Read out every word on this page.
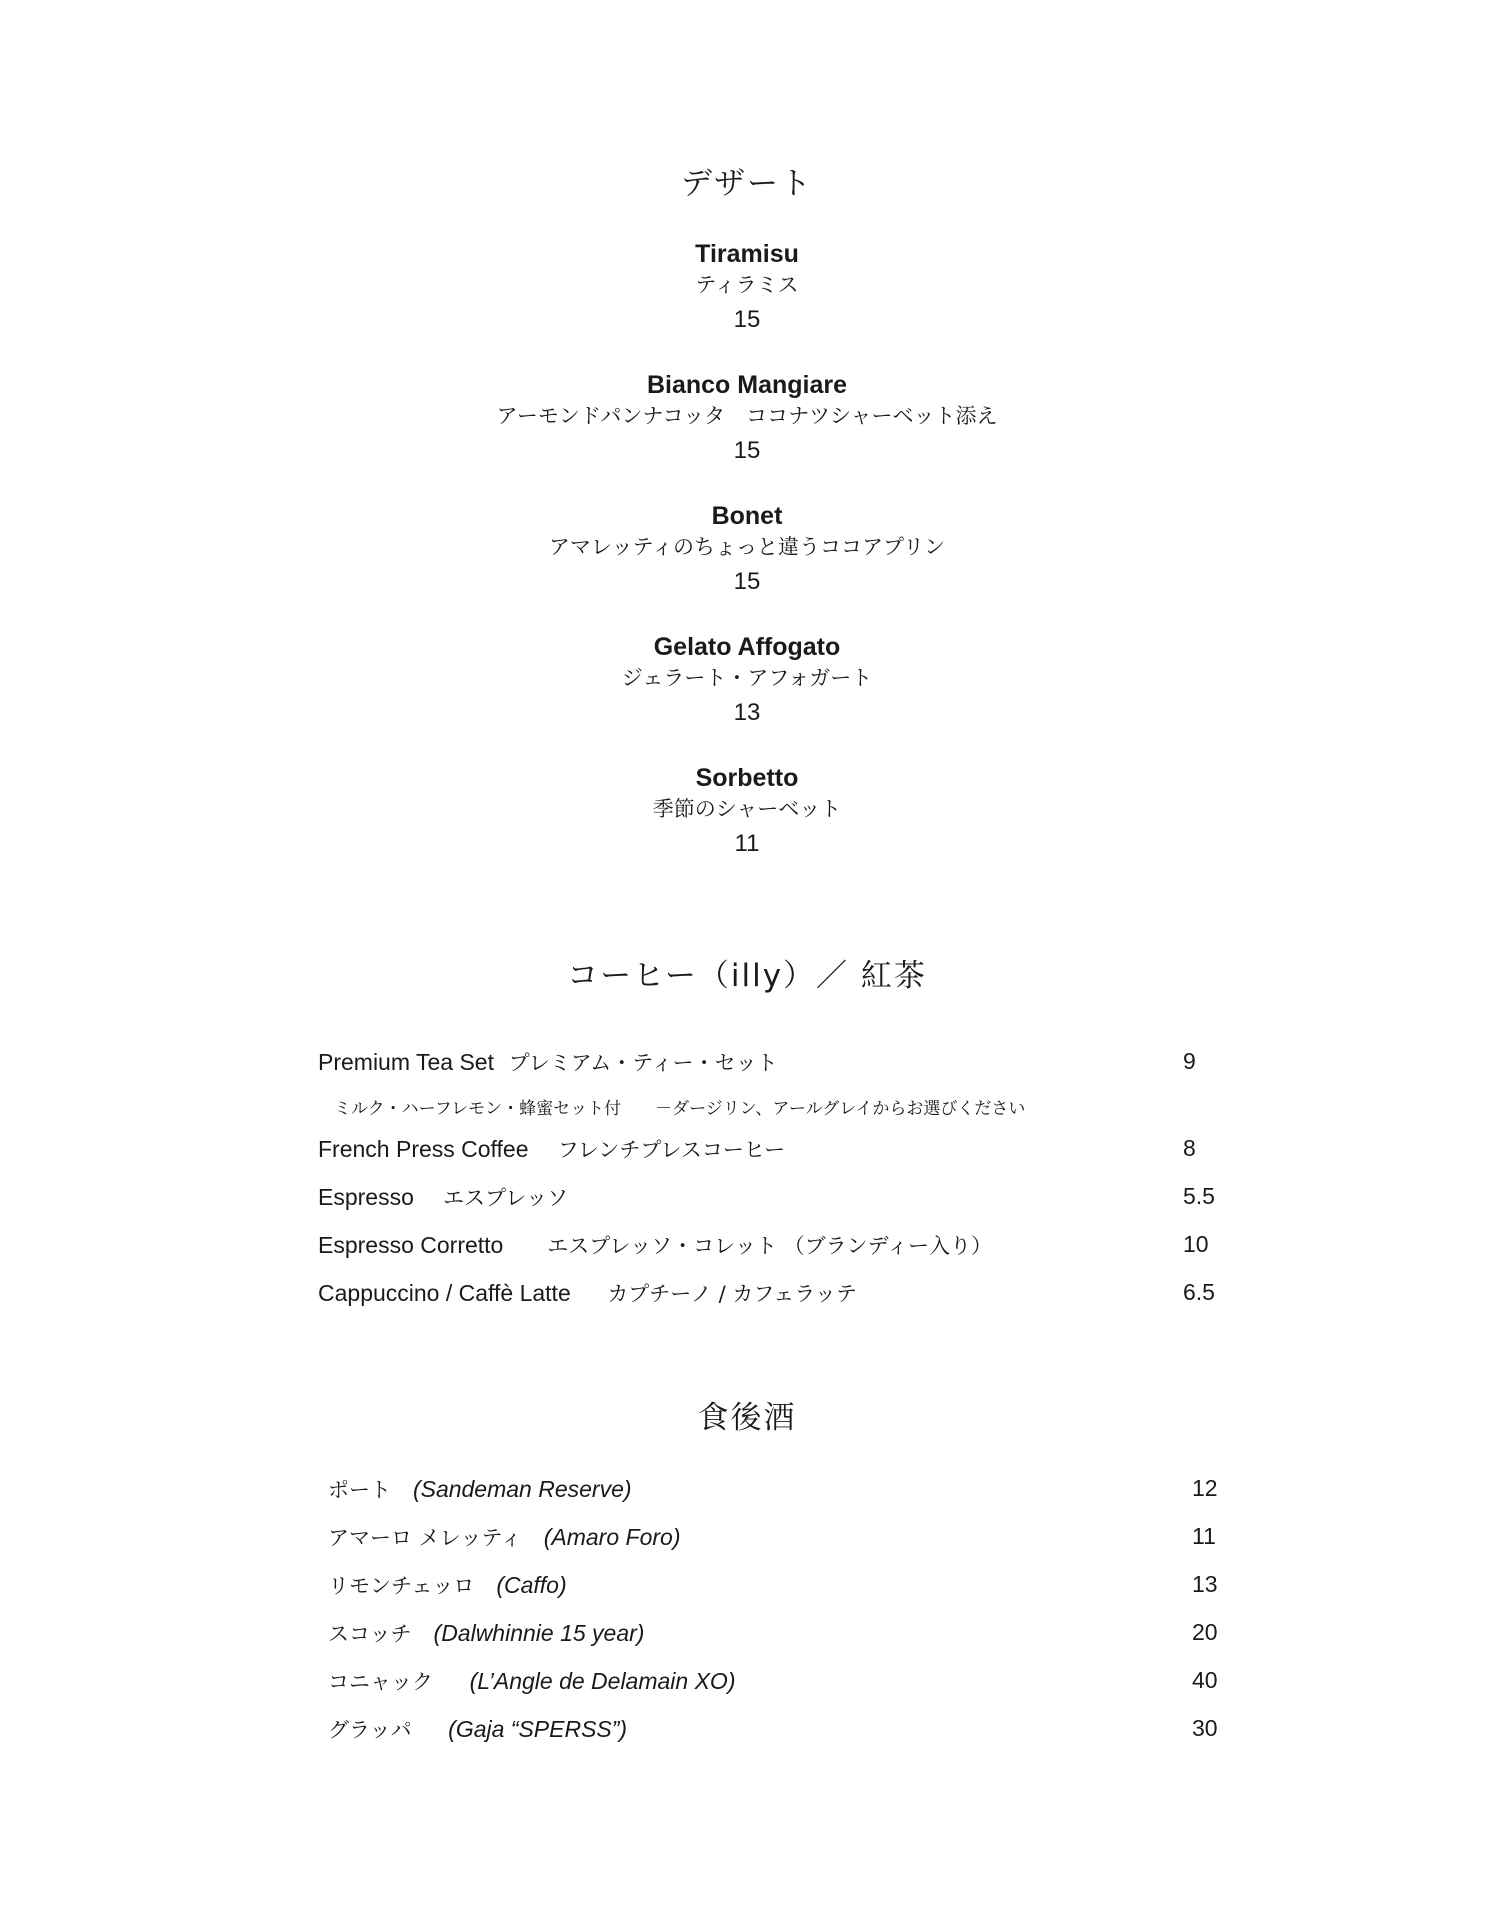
デザート
Tiramisu
ティラミス
15
Bianco Mangiare
アーモンドパンナコッタ　ココナツシャーベット添え
15
Bonet
アマレッティのちょっと違うココアプリン
15
Gelato Affogato
ジェラート・アフォガート
13
Sorbetto
季節のシャーベット
11
コーヒー（illy）／ 紅茶
Premium Tea Set プレミアム・ティー・セット	9
ミルク・ハーフレモン・蜂蜜セット付　　－ダージリン、アールグレイからお選びください
French Press Coffee フレンチプレスコーヒー	8
Espresso エスプレッソ	5.5
Espresso Corretto エスプレッソ・コレット （ブランディー入り）	10
Cappuccino / Caffè Latte カプチーノ / カフェラッテ	6.5
食後酒
ポート (Sandeman Reserve)	12
アマーロ メレッティ (Amaro Foro)	11
リモンチェッロ (Caffo)	13
スコッチ (Dalwhinnie 15 year)	20
コニャック (L’Angle de Delamain XO)	40
グラッパ (Gaja “SPERSS”)	30
